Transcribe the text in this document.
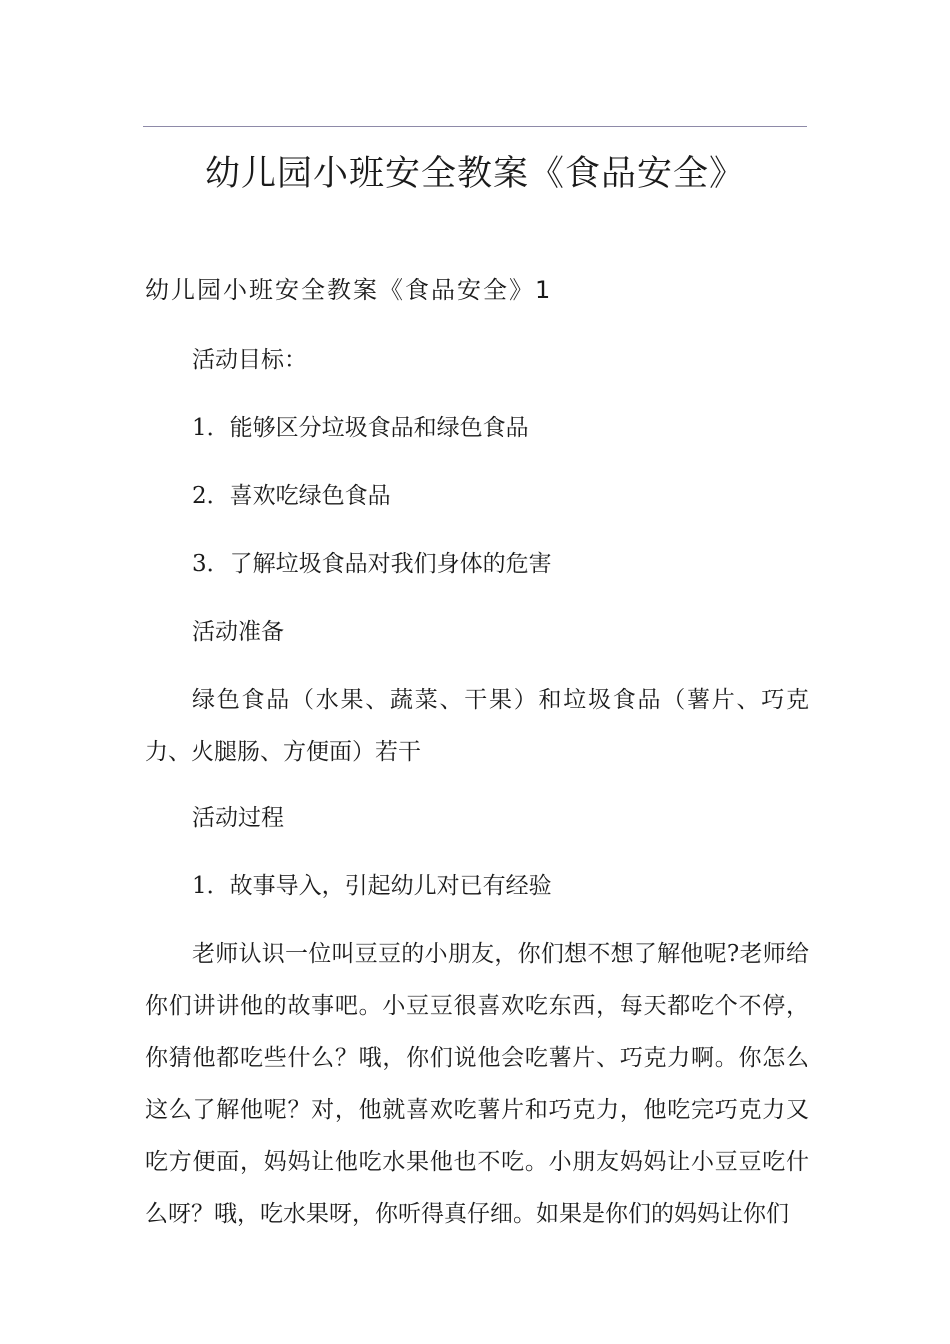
幼儿园小班安全教案《食品安全》
幼儿园小班安全教案《食品安全》1

活动目标：

1．能够区分垃圾食品和绿色食品

2．喜欢吃绿色食品

3．了解垃圾食品对我们身体的危害

活动准备

绿色食品（水果、蔬菜、干果）和垃圾食品（薯片、巧克力、火腿肠、方便面）若干

活动过程

1．故事导入，引起幼儿对已有经验

老师认识一位叫豆豆的小朋友，你们想不想了解他呢?老师给你们讲讲他的故事吧。小豆豆很喜欢吃东西，每天都吃个不停，你猜他都吃些什么？哦，你们说他会吃薯片、巧克力啊。你怎么这么了解他呢？对，他就喜欢吃薯片和巧克力，他吃完巧克力又吃方便面，妈妈让他吃水果他也不吃。小朋友妈妈让小豆豆吃什么呀？哦，吃水果呀，你听得真仔细。如果是你们的妈妈让你们
